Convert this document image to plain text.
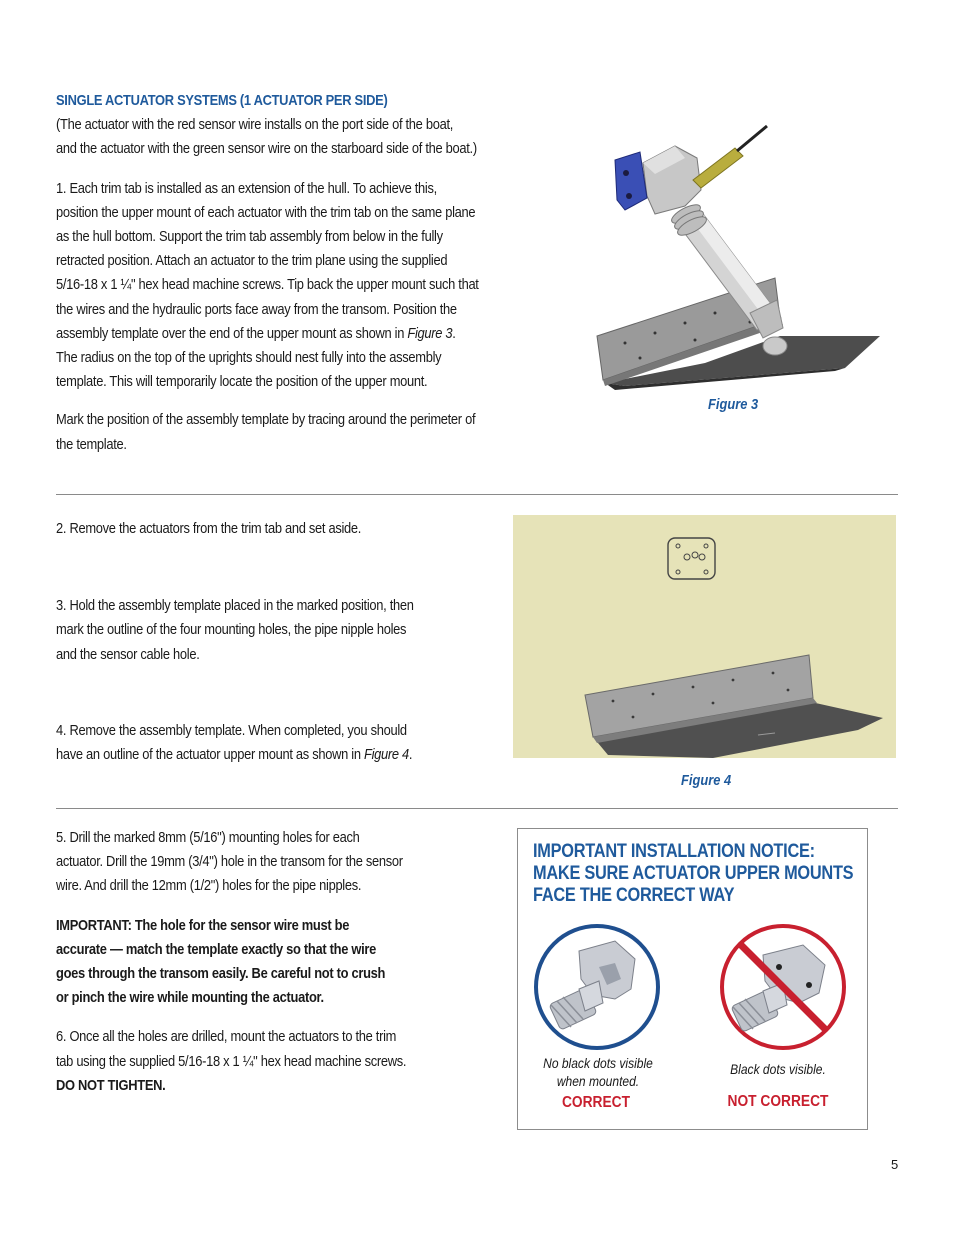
SINGLE ACTUATOR SYSTEMS (1 ACTUATOR PER SIDE)

(The actuator with the red sensor wire installs on the port side of the boat,

and the actuator with the green sensor wire on the starboard side of the boat.)

1. Each trim tab is installed as an extension of the hull. To achieve this,

position the upper mount of each actuator with the trim tab on the same plane

as the hull bottom. Support the trim tab assembly from below in the fully

retracted position. Attach an actuator to the trim plane using the supplied

5/16-18 x 1 ¼" hex head machine screws. Tip back the upper mount such that

the wires and the hydraulic ports face away from the transom. Position the

assembly template over the end of the upper mount as shown in Figure 3.

The radius on the top of the uprights should nest fully into the assembly

template. This will temporarily locate the position of the upper mount.

Mark the position of the assembly template by tracing around the perimeter of

the template.

Figure 3

2. Remove the actuators from the trim tab and set aside.

3. Hold the assembly template placed in the marked position, then

mark the outline of the four mounting holes, the pipe nipple holes

and the sensor cable hole.

4. Remove the assembly template. When completed, you should

have an outline of the actuator upper mount as shown in Figure 4.

Figure 4

5. Drill the marked 8mm (5/16") mounting holes for each

actuator. Drill the 19mm (3/4") hole in the transom for the sensor

wire. And drill the 12mm (1/2") holes for the pipe nipples.

IMPORTANT: The hole for the sensor wire must be

accurate — match the template exactly so that the wire

goes through the transom easily. Be careful not to crush

or pinch the wire while mounting the actuator.

6. Once all the holes are drilled, mount the actuators to the trim

tab using the supplied 5/16-18 x 1 ¼" hex head machine screws.

DO NOT TIGHTEN.

IMPORTANT INSTALLATION NOTICE:
MAKE SURE ACTUATOR UPPER MOUNTS
FACE THE CORRECT WAY
No black dots visible
when mounted.
CORRECT
Black dots visible.
NOT CORRECT
5
